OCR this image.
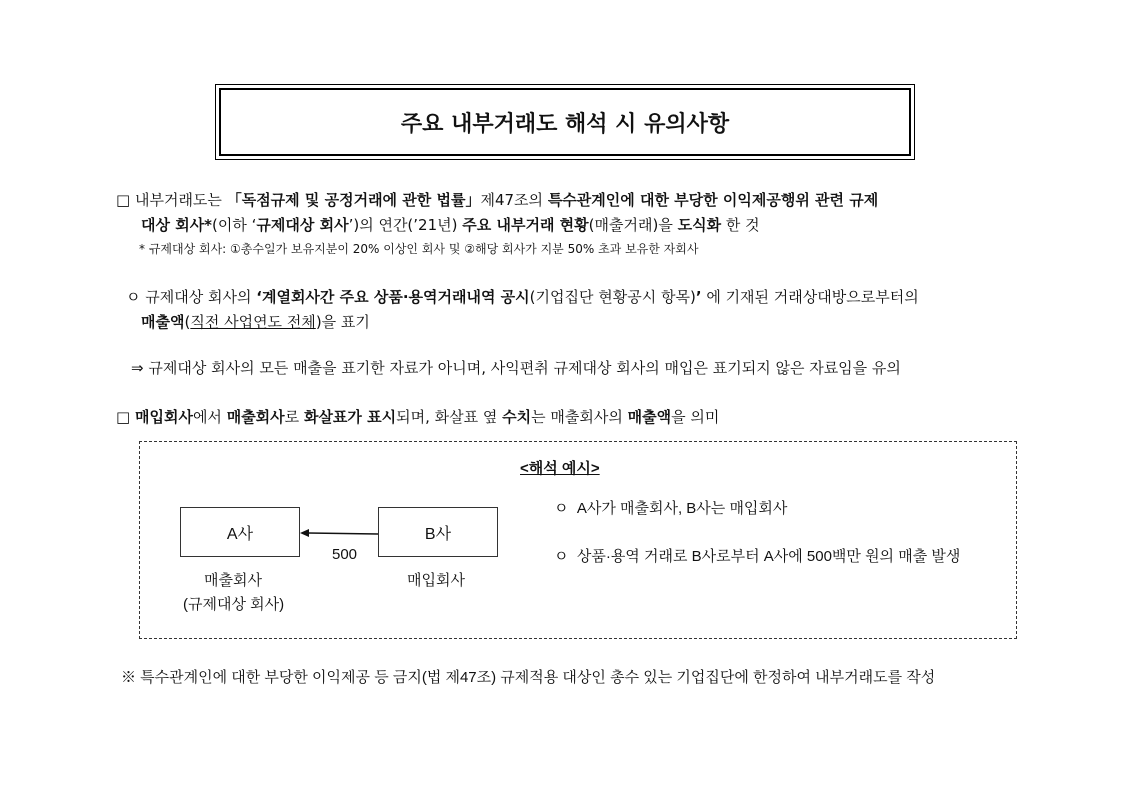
주요 내부거래도 해석 시 유의사항
□ 내부거래도는 「독점규제 및 공정거래에 관한 법률」제47조의 특수관계인에 대한 부당한 이익제공행위 관련 규제
대상 회사*(이하 ‘규제대상 회사’)의 연간(’21년) 주요 내부거래 현황(매출거래)을 도식화 한 것
* 규제대상 회사: ①총수일가 보유지분이 20% 이상인 회사 및 ②해당 회사가 지분 50% 초과 보유한 자회사
ㅇ 규제대상 회사의 ‘계열회사간 주요 상품·용역거래내역 공시(기업집단 현황공시 항목)’ 에 기재된 거래상대방으로부터의
매출액(직전 사업연도 전체)을 표기
⇒ 규제대상 회사의 모든 매출을 표기한 자료가 아니며, 사익편취 규제대상 회사의 매입은 표기되지 않은 자료임을 유의
□ 매입회사에서 매출회사로 화살표가 표시되며, 화살표 옆 수치는 매출회사의 매출액을 의미
<해석 예시>
A사	B사
500
매출회사
(규제대상 회사)
매입회사
ㅇ A사가 매출회사, B사는 매입회사
ㅇ 상품·용역 거래로 B사로부터 A사에 500백만 원의 매출 발생
※ 특수관계인에 대한 부당한 이익제공 등 금지(법 제47조) 규제적용 대상인 총수 있는 기업집단에 한정하여 내부거래도를 작성
